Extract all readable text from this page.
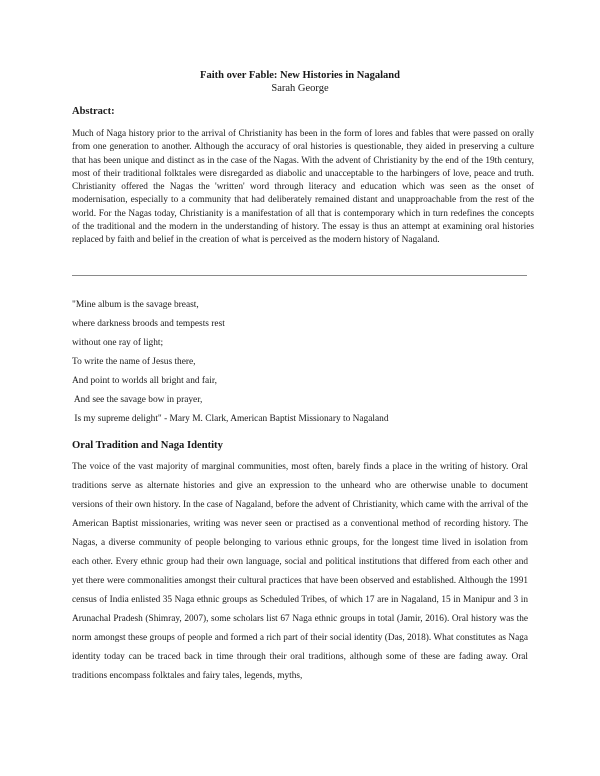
Faith over Fable: New Histories in Nagaland
Sarah George
Abstract:
Much of Naga history prior to the arrival of Christianity has been in the form of lores and fables that were passed on orally from one generation to another. Although the accuracy of oral histories is questionable, they aided in preserving a culture that has been unique and distinct as in the case of the Nagas. With the advent of Christianity by the end of the 19th century, most of their traditional folktales were disregarded as diabolic and unacceptable to the harbingers of love, peace and truth. Christianity offered the Nagas the 'written' word through literacy and education which was seen as the onset of modernisation, especially to a community that had deliberately remained distant and unapproachable from the rest of the world. For the Nagas today, Christianity is a manifestation of all that is contemporary which in turn redefines the concepts of the traditional and the modern in the understanding of history. The essay is thus an attempt at examining oral histories replaced by faith and belief in the creation of what is perceived as the modern history of Nagaland.
"Mine album is the savage breast,
where darkness broods and tempests rest
without one ray of light;
To write the name of Jesus there,
And point to worlds all bright and fair,
And see the savage bow in prayer,
Is my supreme delight" - Mary M. Clark, American Baptist Missionary to Nagaland
Oral Tradition and Naga Identity
The voice of the vast majority of marginal communities, most often, barely finds a place in the writing of history. Oral traditions serve as alternate histories and give an expression to the unheard who are otherwise unable to document versions of their own history. In the case of Nagaland, before the advent of Christianity, which came with the arrival of the American Baptist missionaries, writing was never seen or practised as a conventional method of recording history. The Nagas, a diverse community of people belonging to various ethnic groups, for the longest time lived in isolation from each other. Every ethnic group had their own language, social and political institutions that differed from each other and yet there were commonalities amongst their cultural practices that have been observed and established. Although the 1991 census of India enlisted 35 Naga ethnic groups as Scheduled Tribes, of which 17 are in Nagaland, 15 in Manipur and 3 in Arunachal Pradesh (Shimray, 2007), some scholars list 67 Naga ethnic groups in total (Jamir, 2016). Oral history was the norm amongst these groups of people and formed a rich part of their social identity (Das, 2018). What constitutes as Naga identity today can be traced back in time through their oral traditions, although some of these are fading away. Oral traditions encompass folktales and fairy tales, legends, myths,
